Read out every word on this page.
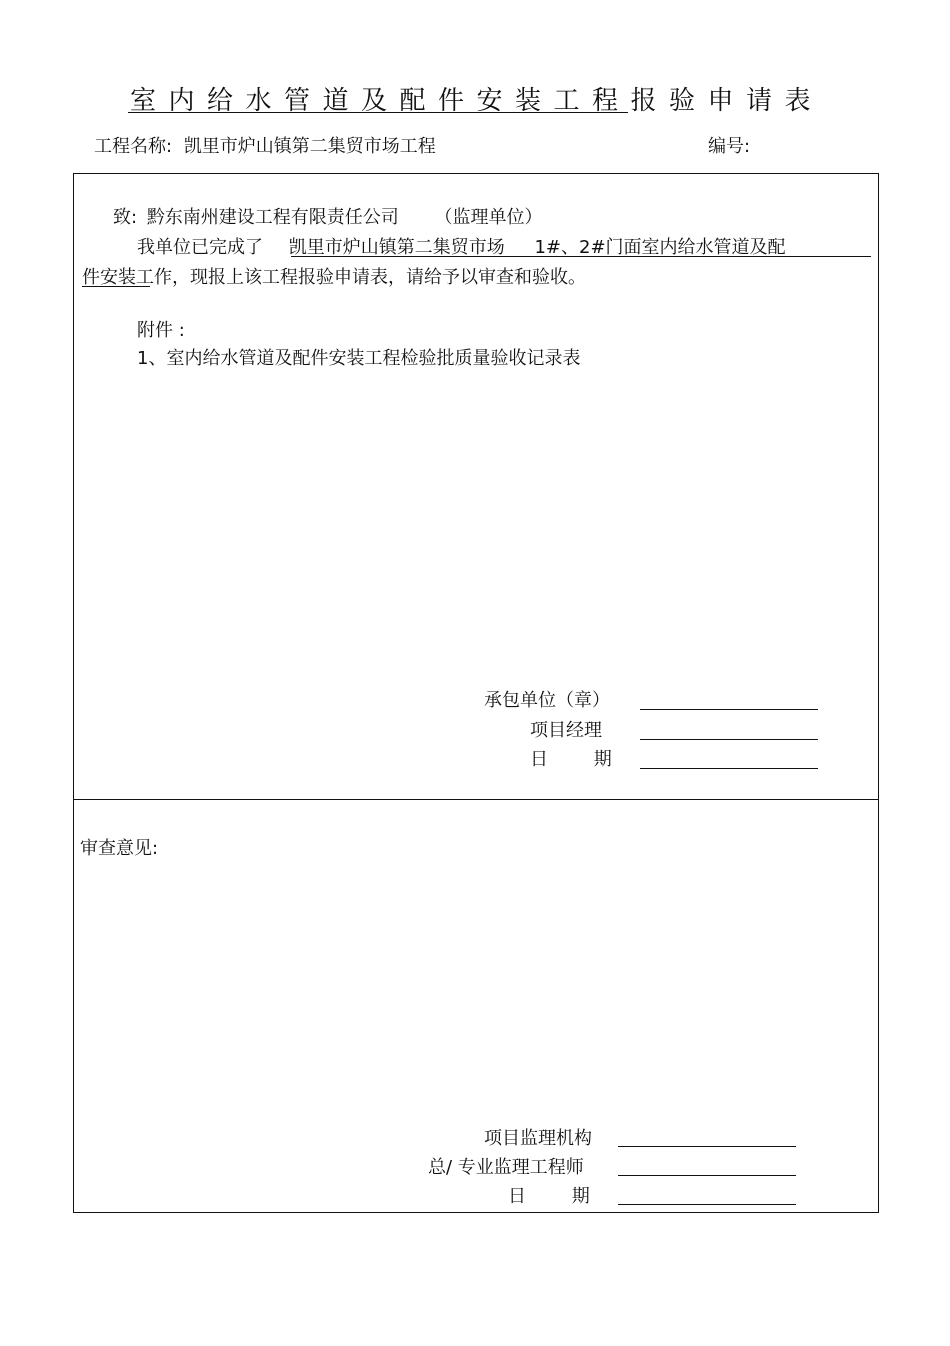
室内给水管道及配件安装工程报验申请表
工程名称: 凯里市炉山镇第二集贸市场工程	编号:
致: 黔东南州建设工程有限责任公司 （监理单位）
我单位已完成了 凯里市炉山镇第二集贸市场 1#、2#门面室内给水管道及配
件安装工作，现报上该工程报验申请表，请给予以审查和验收。
附件 :
1、室内给水管道及配件安装工程检验批质量验收记录表
承包单位（章）
项目经理
日        期
审查意见:
项目监理机构
总/ 专业监理工程师
日        期
